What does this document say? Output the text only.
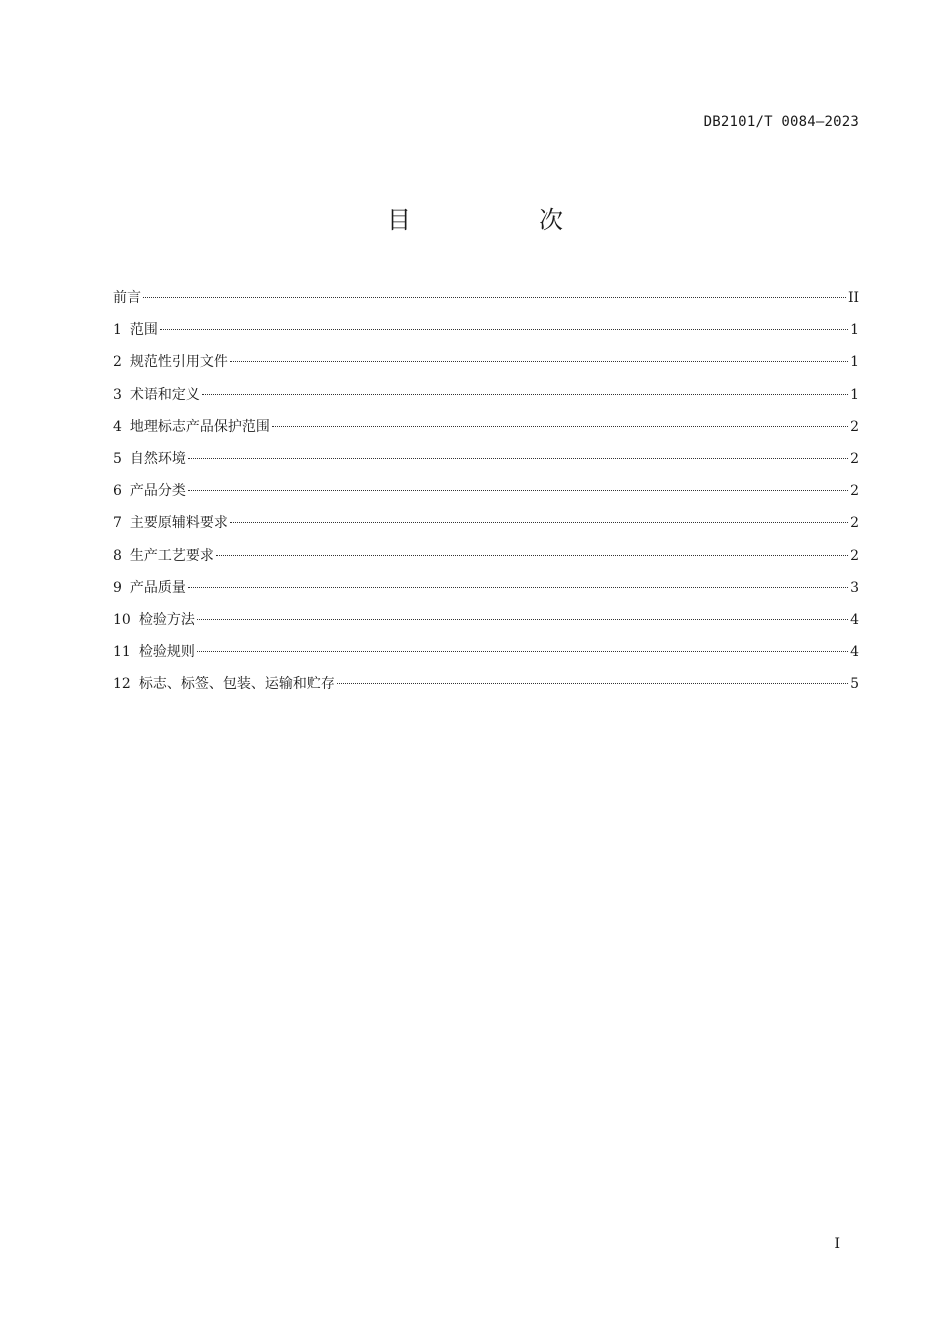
DB2101/T 0084—2023
目　次
前言	II
1 范围	1
2 规范性引用文件	1
3 术语和定义	1
4 地理标志产品保护范围	2
5 自然环境	2
6 产品分类	2
7 主要原辅料要求	2
8 生产工艺要求	2
9 产品质量	3
10 检验方法	4
11 检验规则	4
12 标志、标签、包装、运输和贮存	5
I
